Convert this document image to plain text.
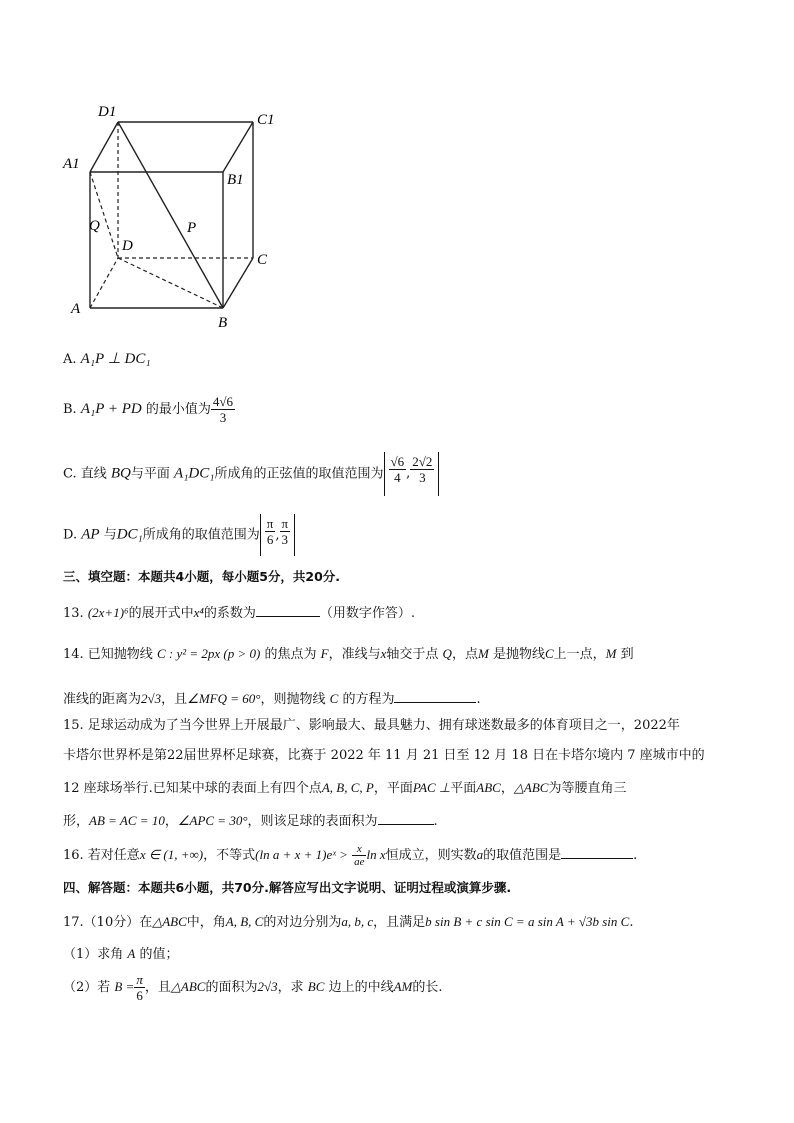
D1	C1
A1
B1
Q
D
P
C
A
B
A. A₁P ⊥ DC₁
B. A₁P + PD 的最小值为 $\frac{4√6}{3}$
C. 直线 BQ与平面 A₁DC₁所成角的正弦值的取值范围为 $\frac{√6}{4}$ , $\frac{2√2}{3}$
D. AP 与DC₁所成角的取值范围为 $\frac{\pi}{6}$ , $\frac{\pi}{3}$
三、填空题：本题共4小题，每小题5分，共20分.
13. (2x+1)⁶的展开式中x⁴的系数为	（用数字作答）.
14. 已知抛物线 C : y² = 2px (p > 0) 的焦点为 F，准线与x轴交于点 Q，点M 是抛物线C上一点，M 到
准线的距离为2√3，且∠MFQ = 60°，则抛物线 C 的方程为	.
15. 足球运动成为了当今世界上开展最广、影响最大、最具魅力、拥有球迷数最多的体育项目之一，2022年
卡塔尔世界杯是第22届世界杯足球赛，比赛于 2022 年 11 月 21 日至 12 月 18 日在卡塔尔境内 7 座城市中的
12 座球场举行.已知某中球的表面上有四个点A, B, C, P，平面PAC ⊥平面ABC，△ABC为等腰直角三
形，AB = AC = 10，∠APC = 30°，则该足球的表面积为	.
16. 若对任意x ∈ (1, +∞)，不等式(ln a + x + 1)eˣ > $\frac{x}{ae}$ ln x恒成立，则实数a的取值范围是	.
四、解答题：本题共6小题，共70分.解答应写出文字说明、证明过程或演算步骤.
17.（10分）在△ABC中，角A, B, C的对边分别为a, b, c，且满足b sin B + c sin C = a sin A + √3b sin C.
（1）求角 A 的值；
（2）若 $B = \frac{\pi}{6}$ ，且△ABC的面积为2√3，求 BC 边上的中线AM的长.
